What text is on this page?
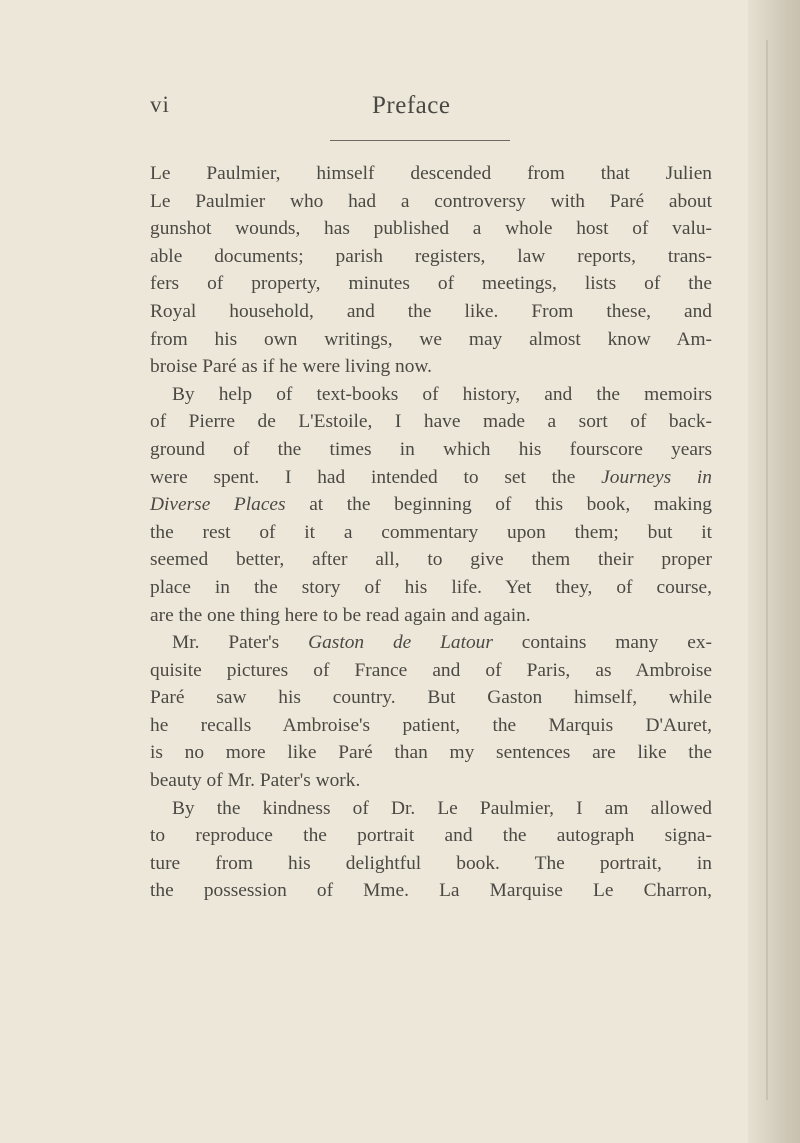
vi	Preface
Le Paulmier, himself descended from that Julien
Le Paulmier who had a controversy with Paré about
gunshot wounds, has published a whole host of valu-
able documents; parish registers, law reports, trans-
fers of property, minutes of meetings, lists of the
Royal household, and the like. From these, and
from his own writings, we may almost know Am-
broise Paré as if he were living now.
By help of text-books of history, and the memoirs
of Pierre de L'Estoile, I have made a sort of back-
ground of the times in which his fourscore years
were spent. I had intended to set the Journeys in
Diverse Places at the beginning of this book, making
the rest of it a commentary upon them; but it
seemed better, after all, to give them their proper
place in the story of his life. Yet they, of course,
are the one thing here to be read again and again.
Mr. Pater's Gaston de Latour contains many ex-
quisite pictures of France and of Paris, as Ambroise
Paré saw his country. But Gaston himself, while
he recalls Ambroise's patient, the Marquis D'Auret,
is no more like Paré than my sentences are like the
beauty of Mr. Pater's work.
By the kindness of Dr. Le Paulmier, I am allowed
to reproduce the portrait and the autograph signa-
ture from his delightful book. The portrait, in
the possession of Mme. La Marquise Le Charron,
